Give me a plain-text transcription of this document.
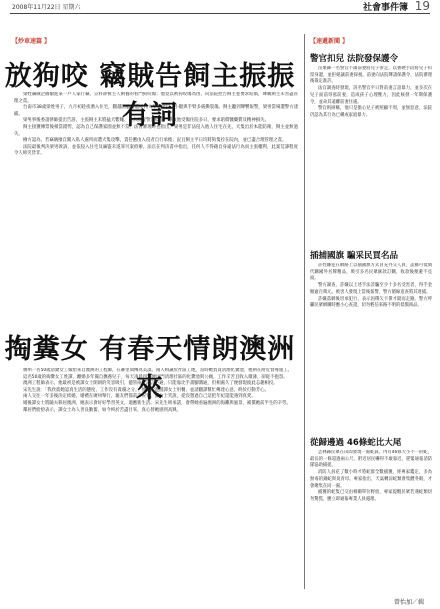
2008年11月22日 星期六	社會事件簿 19
【炒車速篇 】
放狗咬 竊賊告飼主振振有詞

梁姓竊賊企圖偷進某一戶人家行竊，豈料卻被主人飼養的看門狗咬傷；他竟以被狗咬傷為由，向法院控告飼主並要求賠償，聲稱飼主未善盡管理之責。

台南市38歲梁姓男子，九月初趁夜潛入住宅，翻越圍牆時遭屋內大型犬撲咬，小腿與手臂多處撕裂傷。飼主聽到聲響報警，梁男當場遭警方逮捕。

梁男事後委請律師提出告訴，主張飼主未將猛犬繫繩、也未設置警告標示，導致他受傷住院多日，要求賠償醫藥費及精神損失。

飼主接獲傳票後相當錯愕，認為自己保護家園並無不當，法官審理時也指出，梁男是非法侵入他人住宅在先，犬隻出於本能防衛，飼主並無過失。

檢方認為，若竊賊擅自闖入私人處所而遭犬隻攻擊，責任應由入侵者自行承擔；況且飼主平日均將狗隻拴在院內，並已盡合理管理之責。

法院最後判決梁男敗訴，並依侵入住宅及竊盜未遂罪另案偵辦。法官在判決書中指出，任何人不得藉自身違法行為而主張權利，此案荒謬程度令人啼笑皆非。

掏糞女 有春天情朗澳洲來

廣州一名50歲清糞女工嫁給來自澳洲的工程師，在鄰里間傳為美談。兩人相識於社區工地，當時她負責清理化糞池，他則在附近督導施工。

這名50歲的掏糞女工姓譚，離婚多年獨自撫養兒子，每天凌晨四點便出門清理社區的化糞池與公廁，工作辛苦且收入微薄，卻從不抱怨。

澳洲工程師表示，他最初是被譚女士開朗的笑容吸引，儘管兩人語言不通，只能靠比手畫腳溝通，但相處久了便發現彼此志趣相投。

宋先生說：「我欣賞她認真生活的態度，工作沒有貴賤之分。」他多次邀請譚女士用餐，並請翻譯幫忙傳達心意，終於打動芳心。

兩人交往一年多後決定結婚，婚禮在廣州舉行，親友們都前來祝賀。譚女士笑說，從沒想過自己這把年紀還能遇到真愛。

婚後譚女士將隨夫移居澳洲，她表示會好好學習英文，適應新生活。宋先生則承諾，會帶她看遍澳洲的海灘與風景，補償她前半生的辛勞。

鄰居們紛紛表示，譚女士為人善良勤奮，如今終於苦盡甘來，真心替她感到高興。

【速遞新聞 】
警官扣兒 法院發保護令

苗栗縣一名警官不滿前妻將兒子帶走，以強硬手段將兒子扣留身邊，並拒絕讓前妻探視。前妻向法院聲請保護令，法院審理後裁定准許。

法官調查時發現，該名警官平日對前妻言語暴力，並多次在兒子面前辱罵前妻，造成孩子心理壓力，因此核發一年期保護令，並命其遠離前妻住處。

警官則辯稱，他只是擔心兒子被照顧不周，並無惡意。法院仍認為其行為已構成家庭暴力。

插捕國旗 騙采民買名品

許姓嫌犯在網路上以插國旗方式冒充外交人員，謊稱可低價代購國外名牌精品，吸引多名民眾匯款訂購，收款後便避不見面。

警方調查，許嫌以上述手法詐騙至少十多名受害者，得手金額逾百萬元。被害人發現上當後報警，警方循線追查將其逮捕。

許嫌落網後坦承犯行，表示因積欠卡債才鋌而走險。警方呼籲民眾網購時應小心查證，切勿輕信來路不明的低價商品。

從歸邊過 46條蛇比大尾

雲林縣民眾在田間發現一處蛇窩，內有46條大小不一的蛇，最長的一條超過兩公尺，附近居民嚇得不敢靠近，趕緊通報消防隊協助捕捉。

消防人員花了數小時才將蛇群全數捕獲，經專家鑑定，多為無毒的錦蛇與臭青母。專家指出，天氣轉涼蛇類會集體冬眠，才會聚集在同一處。

捕獲的蛇隻已交由相關單位野放，專家提醒民眾若遇蛇類切勿驚慌，應立即通報專業人員處理。

曾怡加／輯
